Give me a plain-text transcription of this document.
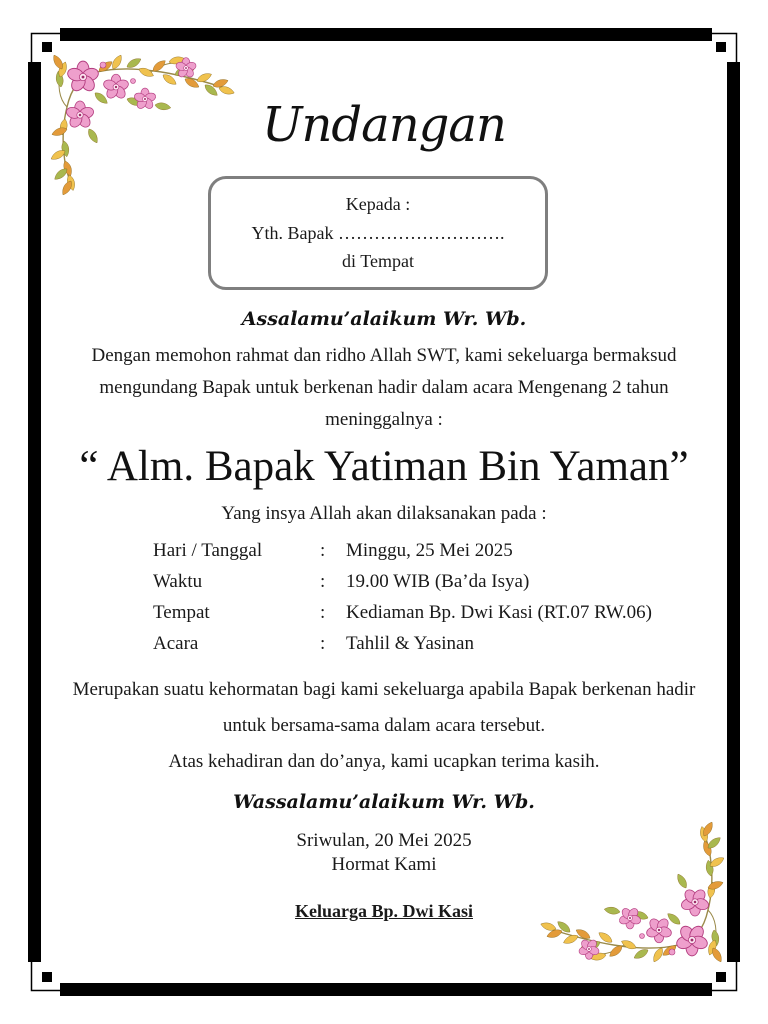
Undangan
Kepada :
Yth. Bapak ……………………….
di Tempat
Assalamu’alaikum Wr. Wb.
Dengan memohon rahmat dan ridho Allah SWT, kami sekeluarga bermaksud
mengundang Bapak untuk berkenan hadir dalam acara Mengenang 2 tahun
meninggalnya :
“ Alm. Bapak Yatiman Bin Yaman”
Yang insya Allah akan dilaksanakan pada :
Hari / Tanggal	: Minggu, 25 Mei 2025
Waktu	: 19.00 WIB (Ba’da Isya)
Tempat	: Kediaman Bp. Dwi Kasi (RT.07 RW.06)
Acara	: Tahlil & Yasinan
Merupakan suatu kehormatan bagi kami sekeluarga apabila Bapak berkenan hadir
untuk bersama-sama dalam acara tersebut.
Atas kehadiran dan do’anya, kami ucapkan terima kasih.
Wassalamu’alaikum Wr. Wb.
Sriwulan, 20 Mei 2025
Hormat Kami
Keluarga Bp. Dwi Kasi
